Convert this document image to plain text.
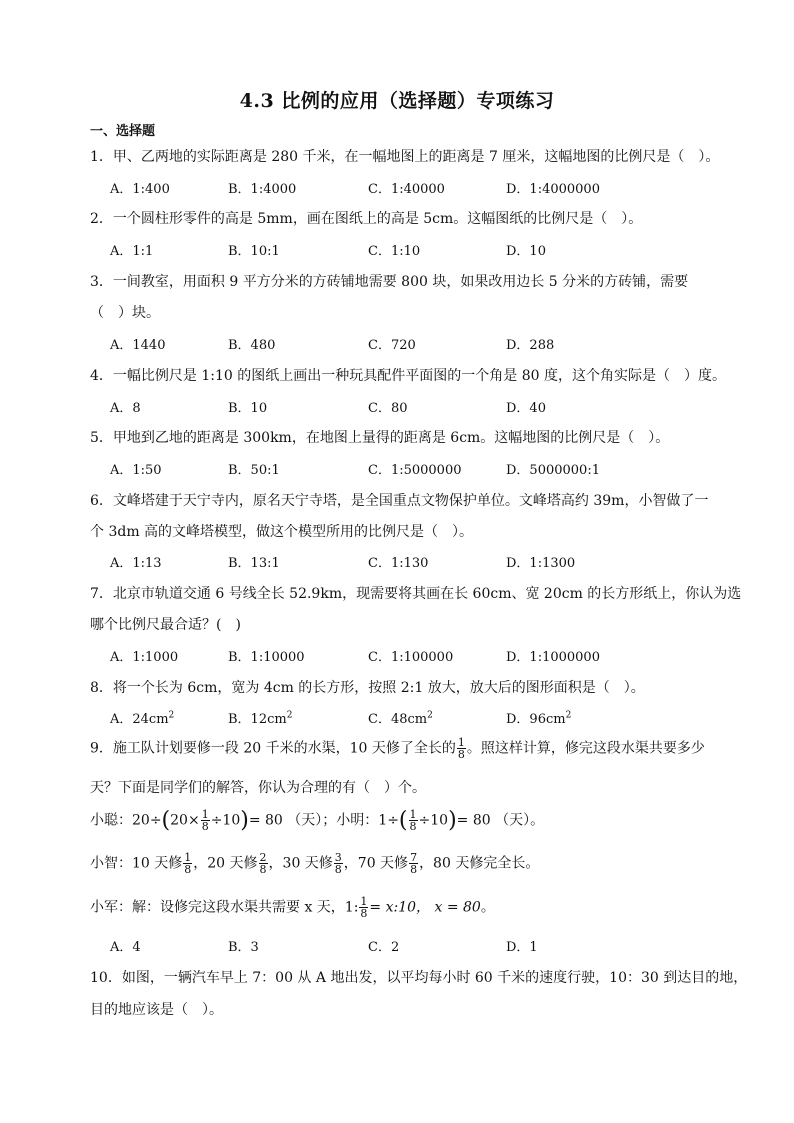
4.3 比例的应用（选择题）专项练习
一、选择题
1．甲、乙两地的实际距离是 280 千米，在一幅地图上的距离是 7 厘米，这幅地图的比例尺是（　）。
A．1:400	B．1:4000	C．1:40000	D．1:4000000
2．一个圆柱形零件的高是 5mm，画在图纸上的高是 5cm。这幅图纸的比例尺是（　）。
A．1:1	B．10:1	C．1:10	D．10
3．一间教室，用面积 9 平方分米的方砖铺地需要 800 块，如果改用边长 5 分米的方砖铺，需要
（　）块。
A．1440	B．480	C．720	D．288
4．一幅比例尺是 1:10 的图纸上画出一种玩具配件平面图的一个角是 80 度，这个角实际是（　）度。
A．8	B．10	C．80	D．40
5．甲地到乙地的距离是 300km，在地图上量得的距离是 6cm。这幅地图的比例尺是（　）。
A．1:50	B．50:1	C．1:5000000	D．5000000:1
6．文峰塔建于天宁寺内，原名天宁寺塔，是全国重点文物保护单位。文峰塔高约 39m，小智做了一
个 3dm 高的文峰塔模型，做这个模型所用的比例尺是（　）。
A．1:13	B．13:1	C．1:130	D．1:1300
7．北京市轨道交通 6 号线全长 52.9km，现需要将其画在长 60cm、宽 20cm 的长方形纸上，你认为选
哪个比例尺最合适？(　)
A．1:1000	B．1:10000	C．1:100000	D．1:1000000
8．将一个长为 6cm，宽为 4cm 的长方形，按照 2:1 放大，放大后的图形面积是（　）。
A．$24cm^2$	B．$12cm^2$	C．$48cm^2$	D．$96cm^2$
9．施工队计划要修一段 20 千米的水渠，10 天修了全长的 $\frac{1}{8}$ 。照这样计算，修完这段水渠共要多少
天？下面是同学们的解答，你认为合理的有（　）个。
小聪：$20\div(20\times \frac{1}{8} \div 10)= 80$ （天）；小明：$1\div( \frac{1}{8} \div 10)= 80$ （天）。
小智：10 天修 $\frac{1}{8}$ ，20 天修 $\frac{2}{8}$ ，30 天修 $\frac{3}{8}$ ，70 天修 $\frac{7}{8}$ ，80 天修完全长。
小军：解：设修完这段水渠共需要 x 天，1: $\frac{1}{8}$ = x:10， x = 80。
A．4	B．3	C．2	D．1
10．如图，一辆汽车早上 7：00 从 A 地出发，以平均每小时 60 千米的速度行驶，10：30 到达目的地，
目的地应该是（　）。
